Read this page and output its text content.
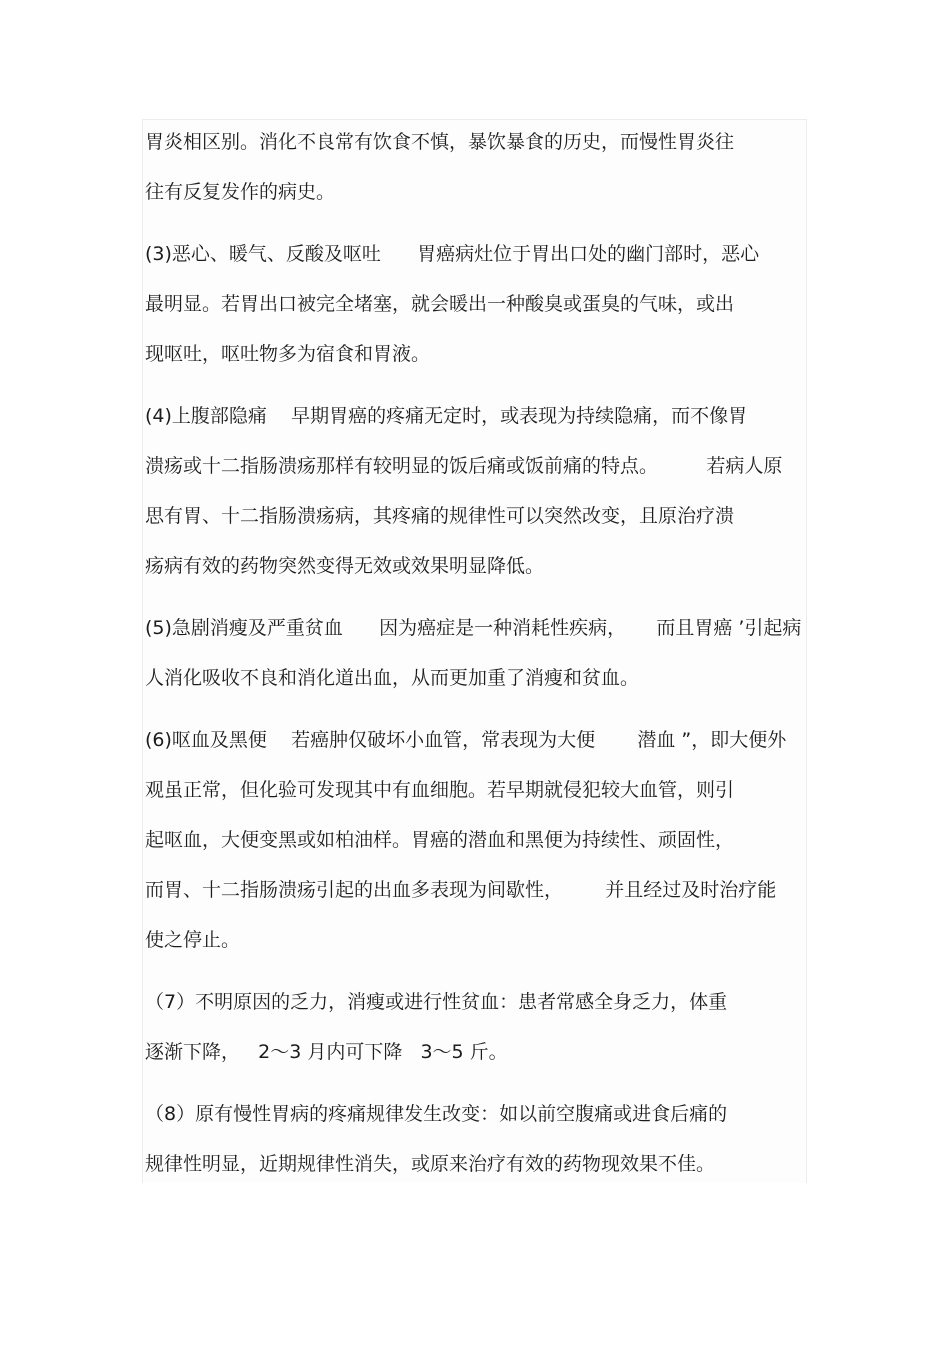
胃炎相区别。消化不良常有饮食不慎，暴饮暴食的历史，而慢性胃炎往
往有反复发作的病史。
(3)恶心、暖气、反酸及呕吐      胃癌病灶位于胃出口处的幽门部时，恶心
最明显。若胃出口被完全堵塞，就会暖出一种酸臭或蛋臭的气味，或出
现呕吐，呕吐物多为宿食和胃液。
(4)上腹部隐痛    早期胃癌的疼痛无定时，或表现为持续隐痛，而不像胃
溃疡或十二指肠溃疡那样有较明显的饭后痛或饭前痛的特点。        若病人原
思有胃、十二指肠溃疡病，其疼痛的规律性可以突然改变，且原治疗溃
疡病有效的药物突然变得无效或效果明显降低。
(5)急剧消瘦及严重贫血      因为癌症是一种消耗性疾病，     而且胃癌 ’引起病
人消化吸收不良和消化道出血，从而更加重了消瘦和贫血。
(6)呕血及黑便    若癌肿仅破坏小血管，常表现为大便       潜血 ”，即大便外
观虽正常，但化验可发现其中有血细胞。若早期就侵犯较大血管，则引
起呕血，大便变黑或如柏油样。胃癌的潜血和黑便为持续性、顽固性，
而胃、十二指肠溃疡引起的出血多表现为间歇性，       并且经过及时治疗能
使之停止。
（7）不明原因的乏力，消瘦或进行性贫血：患者常感全身乏力，体重
逐渐下降，   2～3 月内可下降   3～5 斤。
（8）原有慢性胃病的疼痛规律发生改变：如以前空腹痛或进食后痛的
规律性明显，近期规律性消失，或原来治疗有效的药物现效果不佳。
